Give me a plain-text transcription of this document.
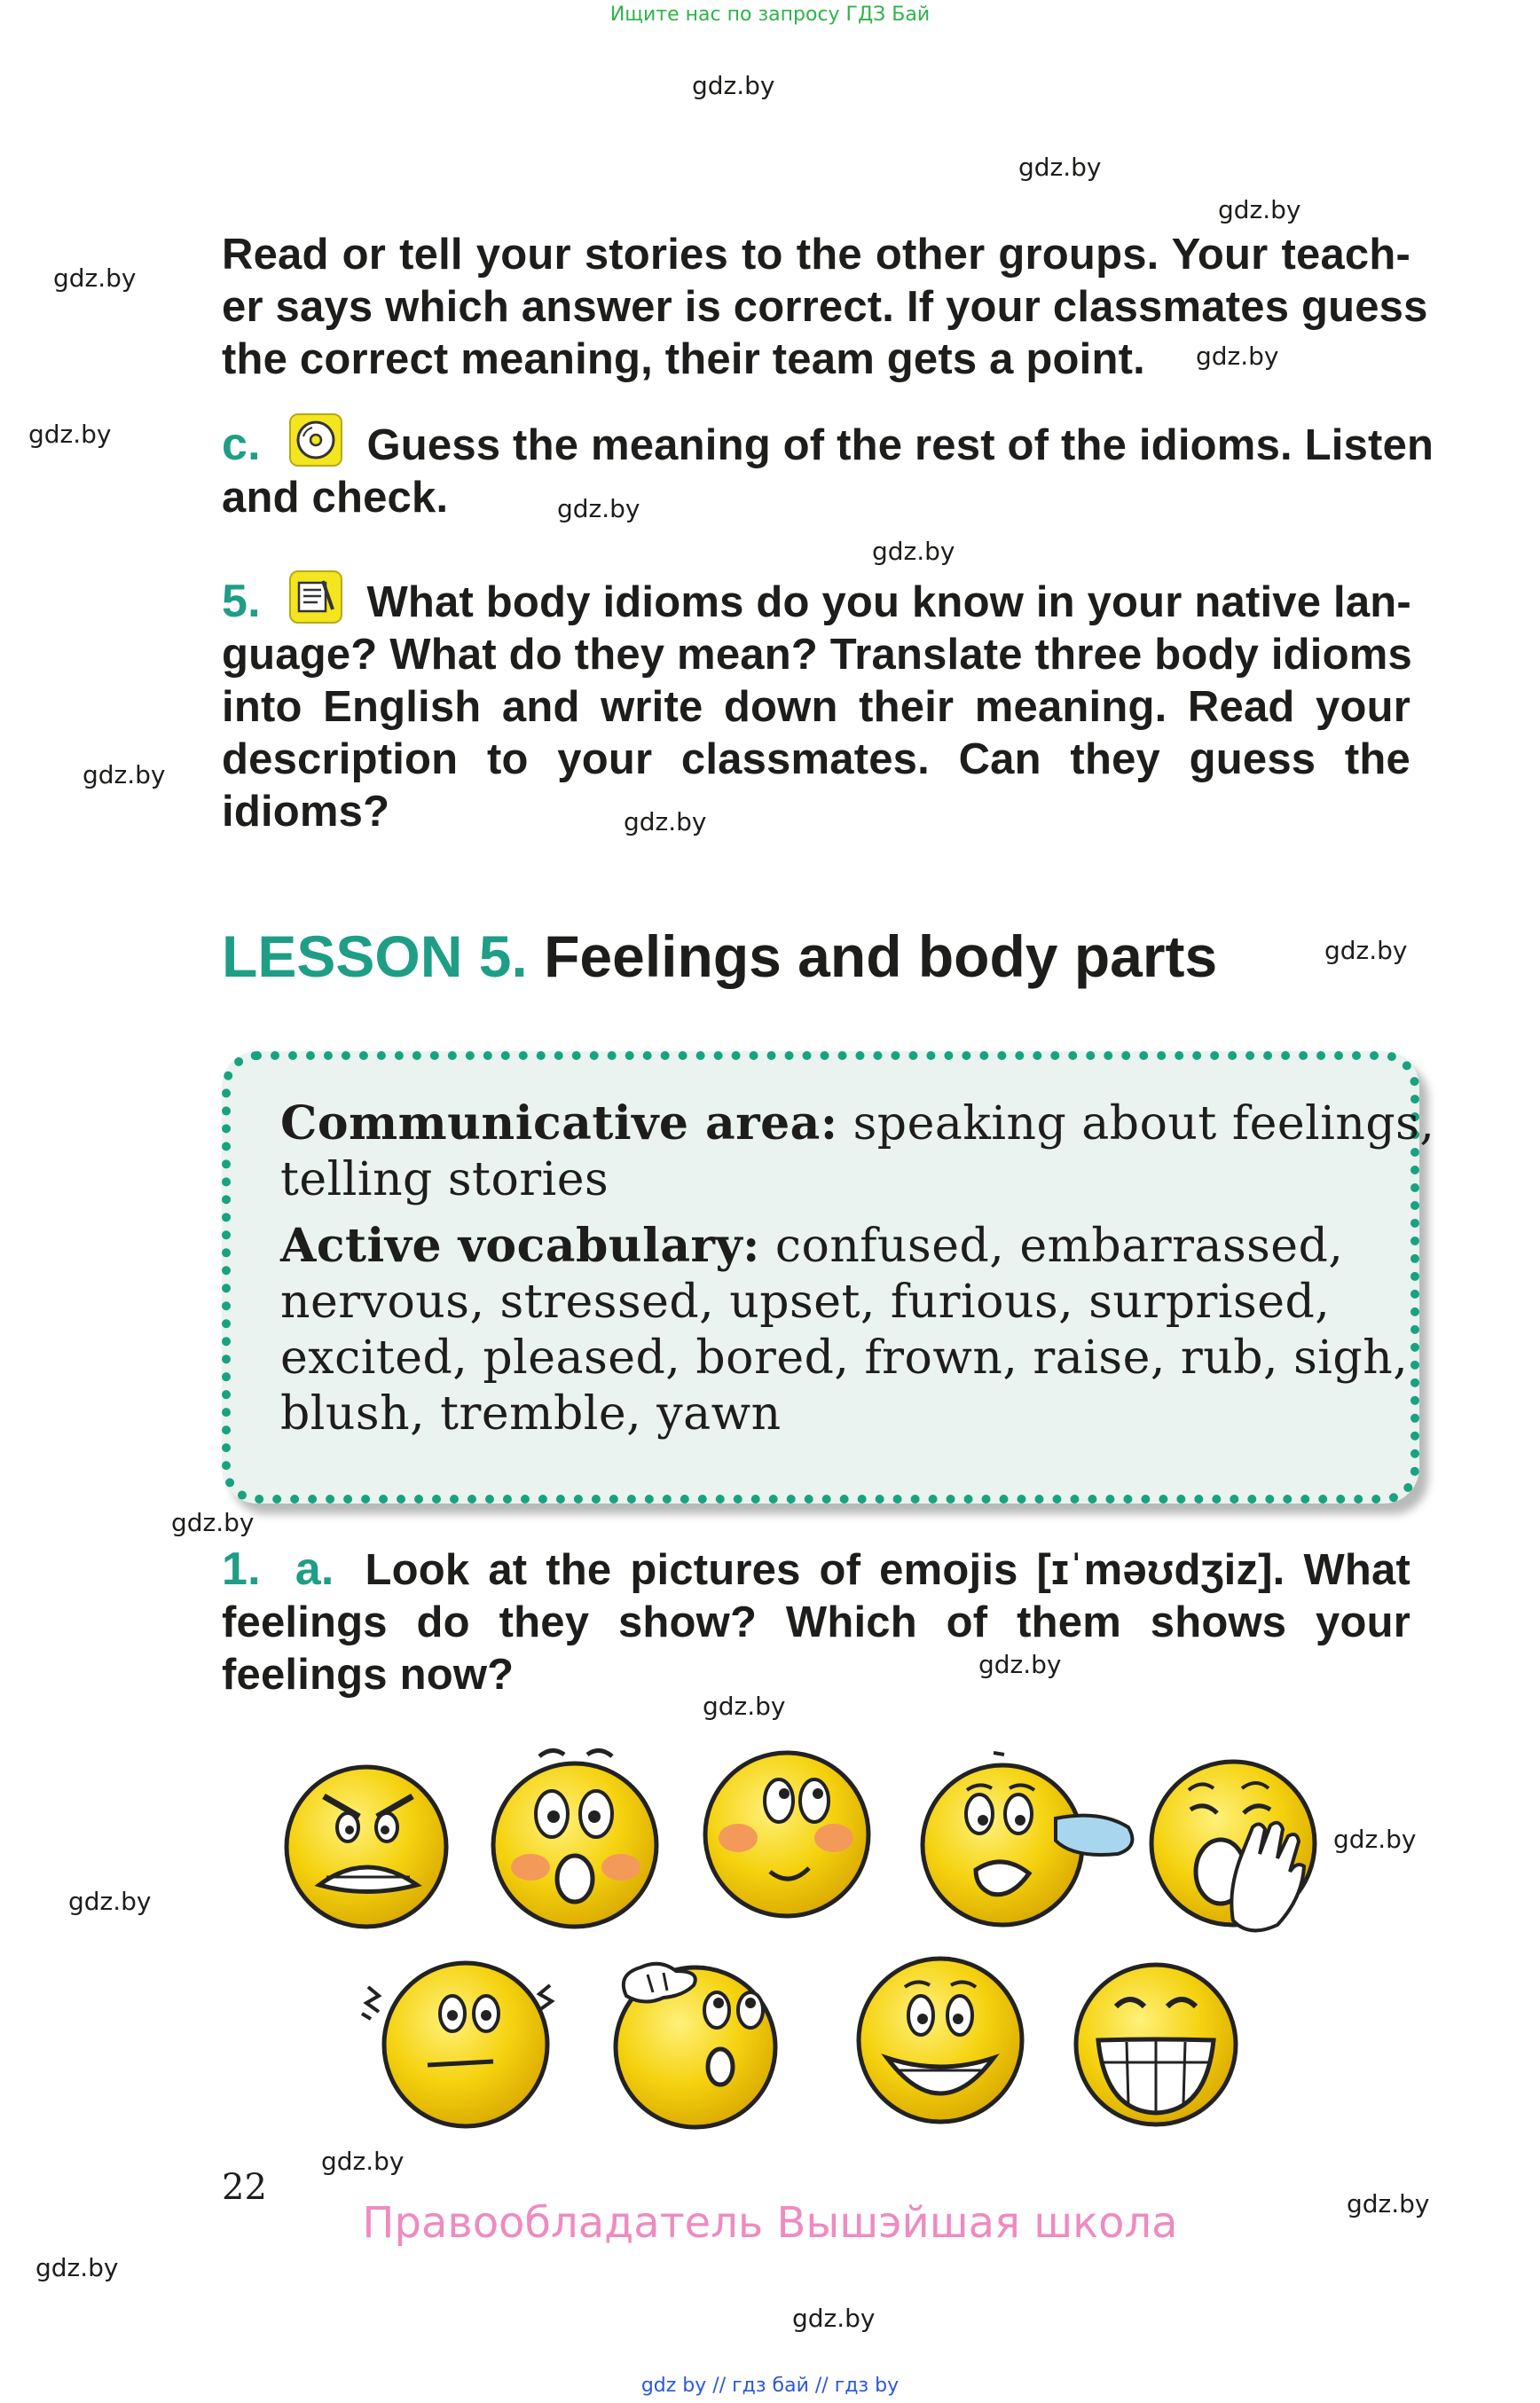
Ищите нас по запросу ГДЗ Бай
gdz.by
gdz.by
gdz.by
gdz.by
gdz.by
gdz.by
gdz.by
gdz.by
gdz.by
gdz.by
gdz.by
gdz.by
gdz.by
gdz.by
gdz.by
gdz.by
gdz.by
gdz.by
gdz.by
gdz.by
Read or tell your stories to the other groups. Your teach-
er says which answer is correct. If your classmates guess
the correct meaning, their team gets a point.
c. Guess the meaning of the rest of the idioms. Listen
and check.
5. What body idioms do you know in your native lan-
guage? What do they mean? Translate three body idioms
into English and write down their meaning. Read your
description to your classmates. Can they guess the
idioms?
LESSON 5. Feelings and body parts
Communicative area: speaking about feelings,
telling stories
Active vocabulary: confused, embarrassed,
nervous, stressed, upset, furious, surprised,
excited, pleased, bored, frown, raise, rub, sigh,
blush, tremble, yawn
1. a. Look at the pictures of emojis [ɪˈməʊdʒiz]. What
feelings do they show? Which of them shows your
feelings now?
22
Правообладатель Вышэйшая школа
gdz by // гдз бай // гдз by
